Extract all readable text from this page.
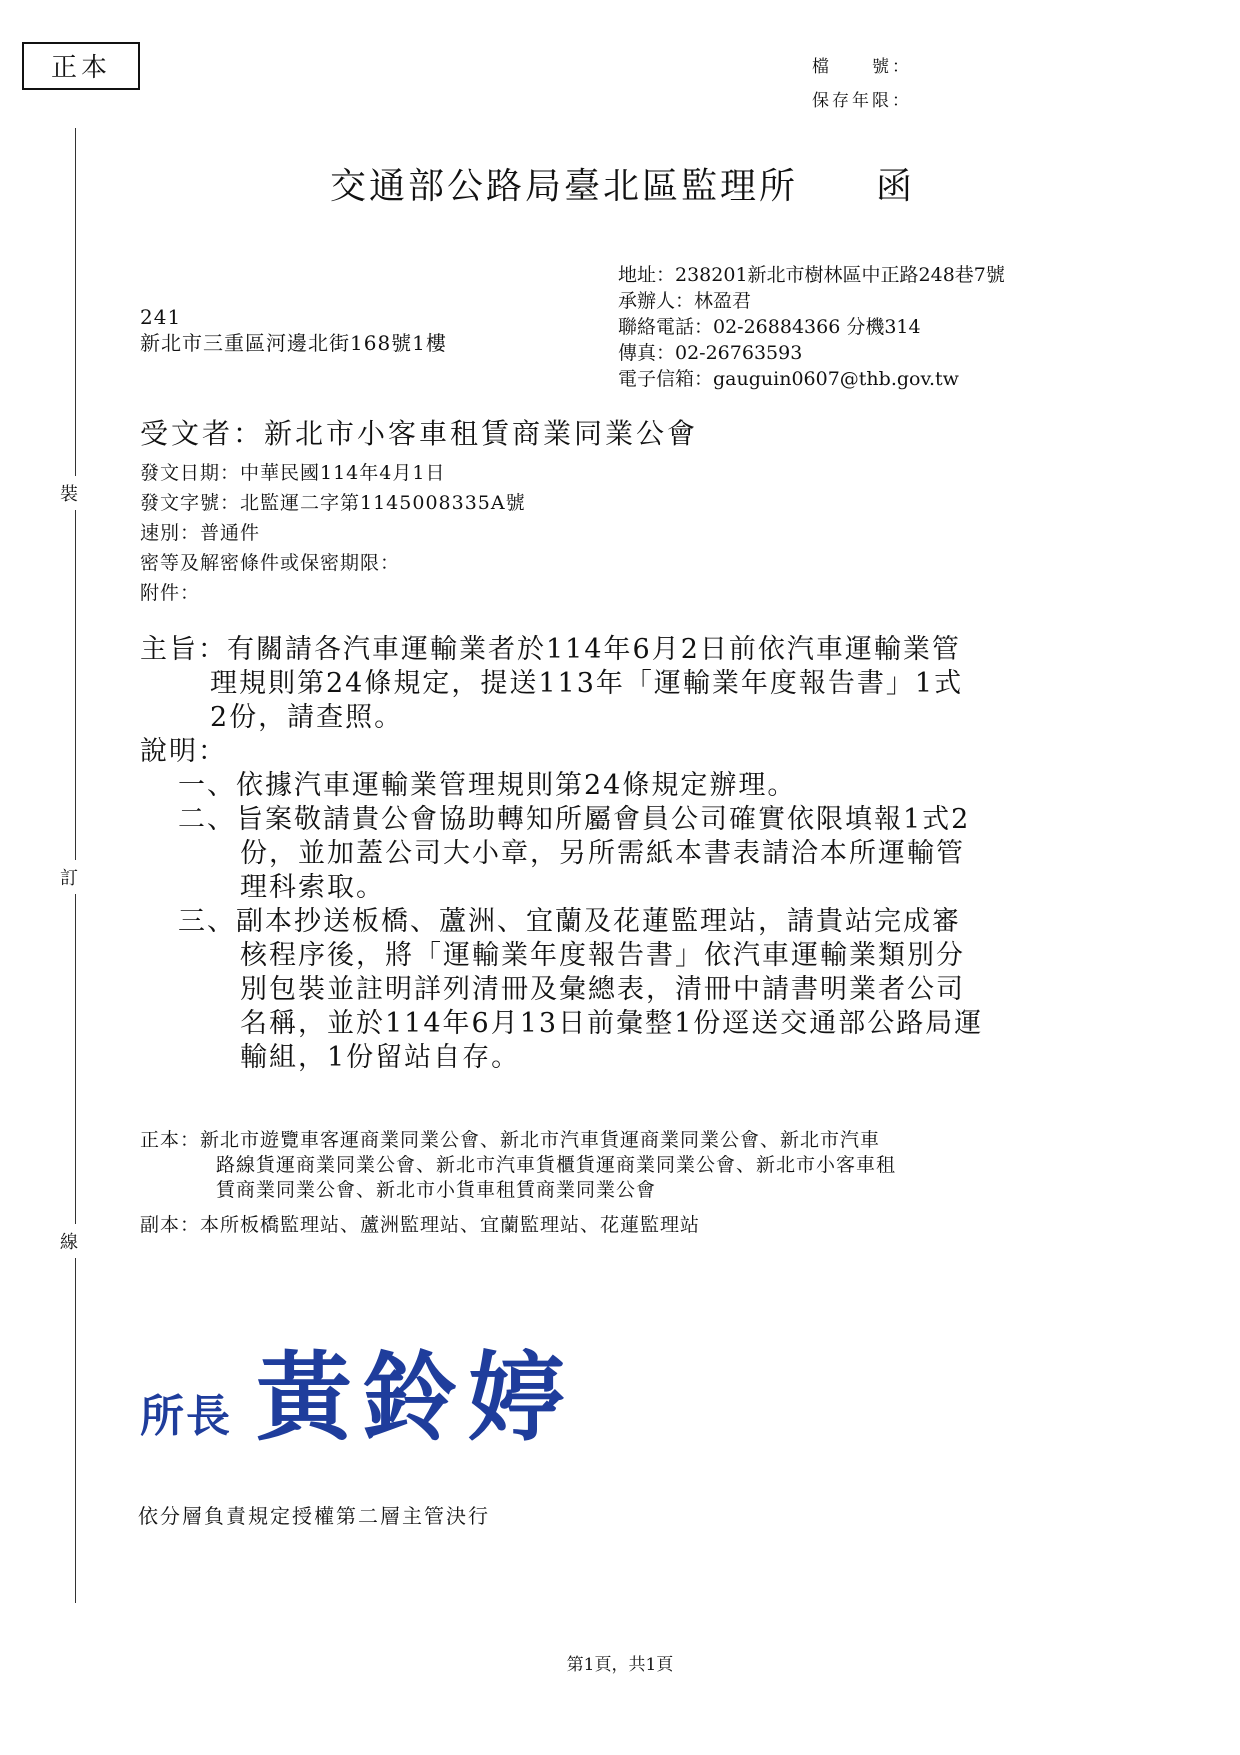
正本	檔　　號：
保存年限：
裝
訂
線
交通部公路局臺北區監理所　　函
地址：238201新北市樹林區中正路248巷7號
承辦人：林盈君
聯絡電話：02-26884366 分機314
傳真：02-26763593
電子信箱：gauguin0607@thb.gov.tw
241
新北市三重區河邊北街168號1樓
受文者：新北市小客車租賃商業同業公會
發文日期：中華民國114年4月1日
發文字號：北監運二字第1145008335A號
速別：普通件
密等及解密條件或保密期限：
附件：
主旨：有關請各汽車運輸業者於114年6月2日前依汽車運輸業管
理規則第24條規定，提送113年「運輸業年度報告書」1式
2份，請查照。
說明：
一、依據汽車運輸業管理規則第24條規定辦理。
二、旨案敬請貴公會協助轉知所屬會員公司確實依限填報1式2
份，並加蓋公司大小章，另所需紙本書表請洽本所運輸管
理科索取。
三、副本抄送板橋、蘆洲、宜蘭及花蓮監理站，請貴站完成審
核程序後，將「運輸業年度報告書」依汽車運輸業類別分
別包裝並註明詳列清冊及彙總表，清冊中請書明業者公司
名稱，並於114年6月13日前彙整1份逕送交通部公路局運
輸組，1份留站自存。
正本：新北市遊覽車客運商業同業公會、新北市汽車貨運商業同業公會、新北市汽車
路線貨運商業同業公會、新北市汽車貨櫃貨運商業同業公會、新北市小客車租
賃商業同業公會、新北市小貨車租賃商業同業公會
副本：本所板橋監理站、蘆洲監理站、宜蘭監理站、花蓮監理站
所長 黃鈴婷
依分層負責規定授權第二層主管決行
第1頁，共1頁
